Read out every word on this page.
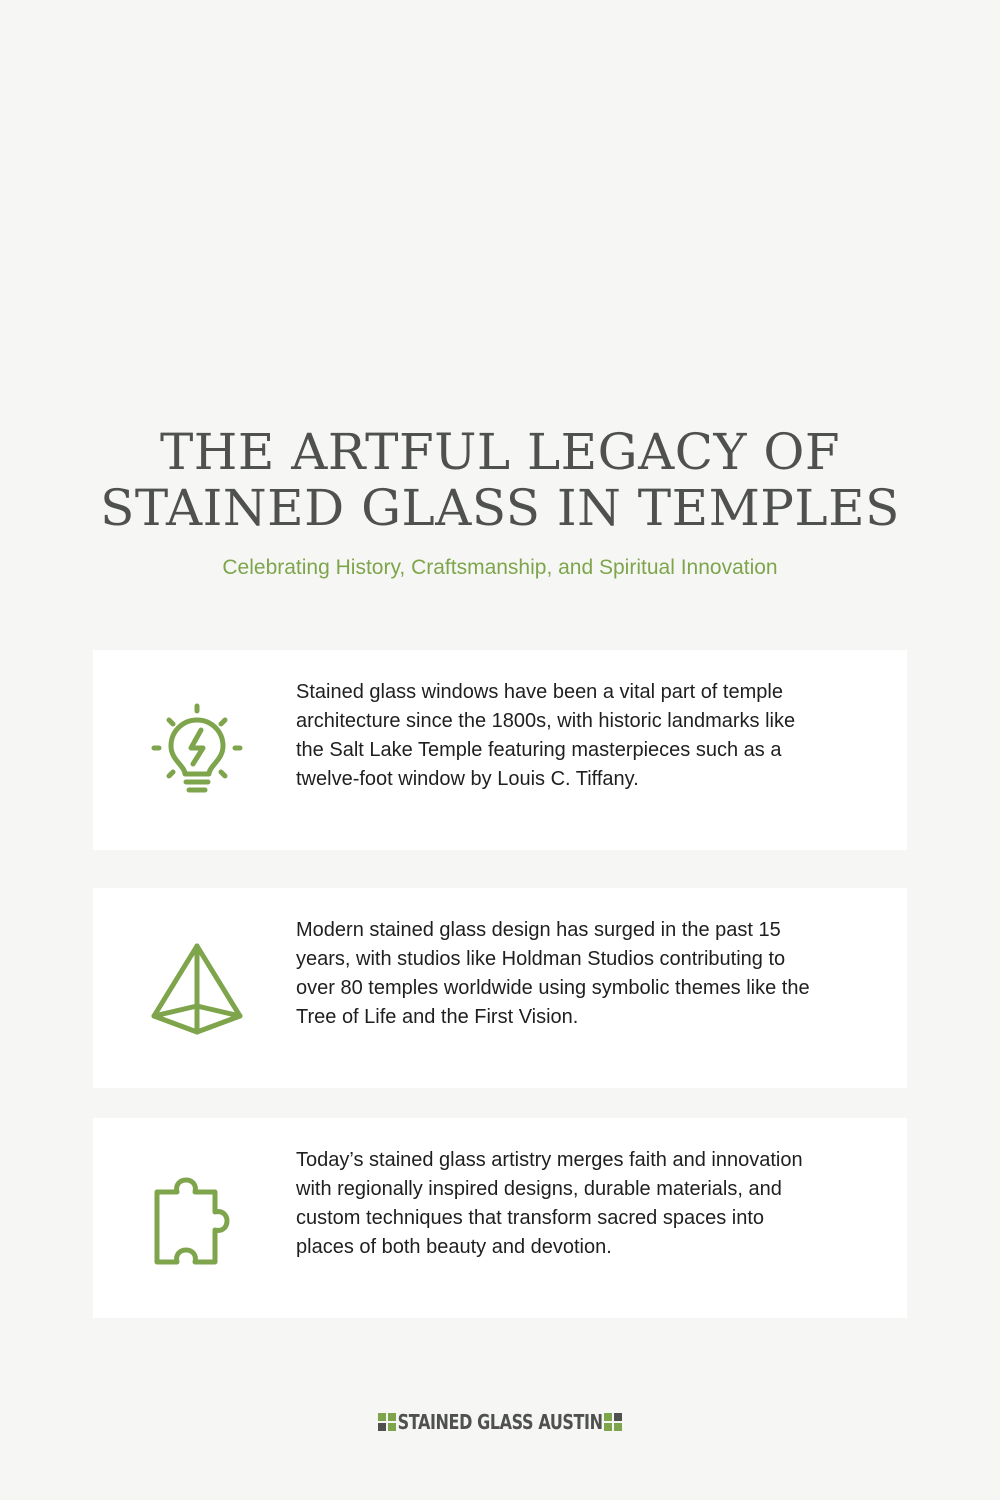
THE ARTFUL LEGACY OF
STAINED GLASS IN TEMPLES

Celebrating History, Craftsmanship, and Spiritual Innovation

Stained glass windows have been a vital part of temple architecture since the 1800s, with historic landmarks like the Salt Lake Temple featuring masterpieces such as a twelve-foot window by Louis C. Tiffany.

Modern stained glass design has surged in the past 15 years, with studios like Holdman Studios contributing to over 80 temples worldwide using symbolic themes like the Tree of Life and the First Vision.

Today’s stained glass artistry merges faith and innovation with regionally inspired designs, durable materials, and custom techniques that transform sacred spaces into places of both beauty and devotion.

STAINED GLASS AUSTIN
